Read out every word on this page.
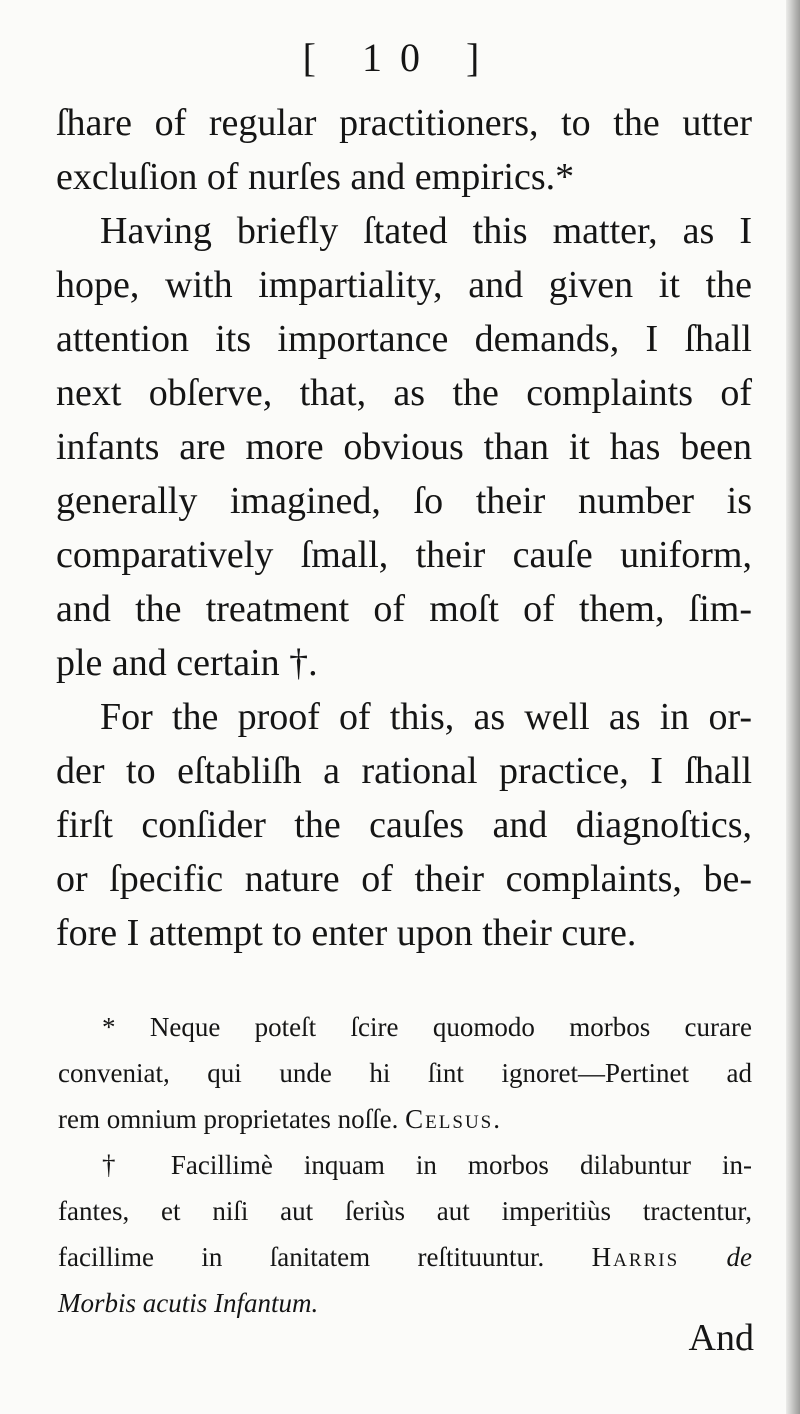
[ 10 ]

ſhare of regular practitioners, to the utter
excluſion of nurſes and empirics.*

Having briefly ſtated this matter, as I
hope, with impartiality, and given it the
attention its importance demands, I ſhall
next obſerve, that, as the complaints of
infants are more obvious than it has been
generally imagined, ſo their number is
comparatively ſmall, their cauſe uniform,
and the treatment of moſt of them, ſim-
ple and certain †.

For the proof of this, as well as in or-
der to eſtabliſh a rational practice, I ſhall
firſt conſider the cauſes and diagnoſtics,
or ſpecific nature of their complaints, be-
fore I attempt to enter upon their cure.

* Neque poteſt ſcire quomodo morbos curare
conveniat, qui unde hi ſint ignoret—Pertinet ad
rem omnium proprietates noſſe. Celsus.
† Facillimè inquam in morbos dilabuntur in-
fantes, et niſi aut ſeriùs aut imperitiùs tractentur,
facillime in ſanitatem reſtituuntur. Harris de
Morbis acutis Infantum.
And
